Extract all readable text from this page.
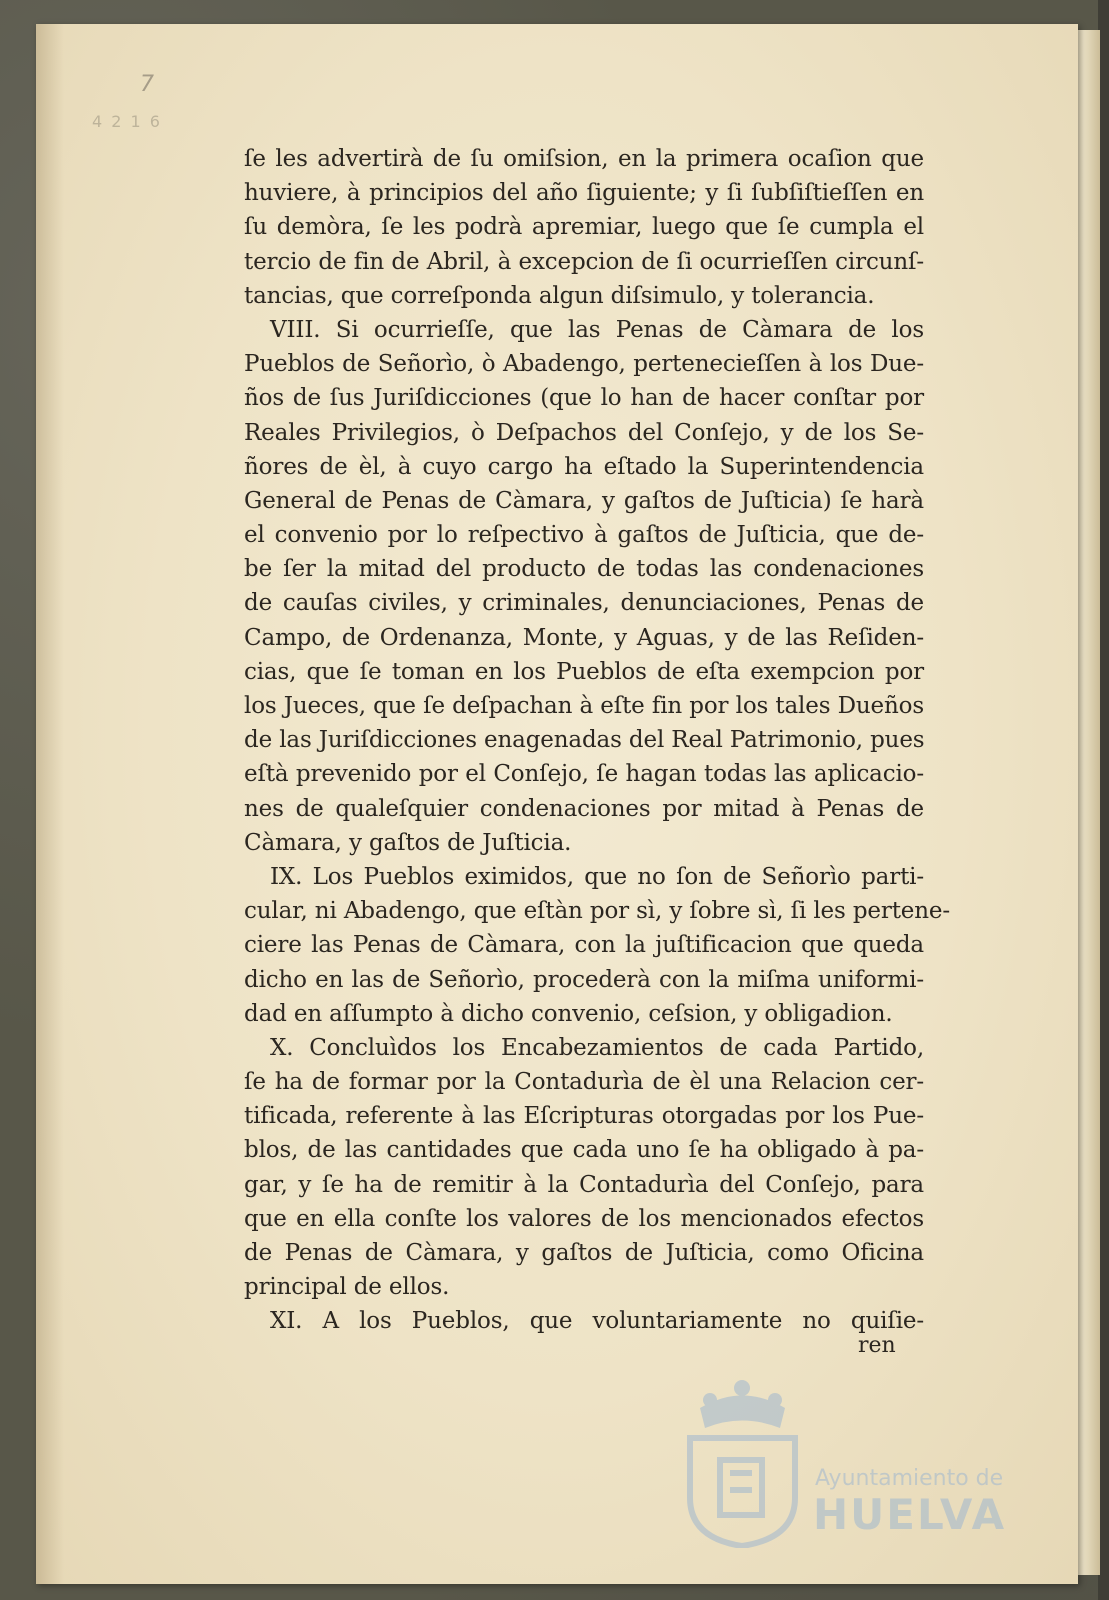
7
4 2 1 6
ſe les advertirà de ſu omiſsion, en la primera ocaſion que
huviere, à principios del año ſiguiente; y ſi ſubſiſtieſſen en
ſu demòra, ſe les podrà apremiar, luego que ſe cumpla el
tercio de fin de Abril, à excepcion de ſi ocurrieſſen circunſ-
tancias, que correſponda algun diſsimulo, y tolerancia.
VIII. Si ocurrieſſe, que las Penas de Càmara de los
Pueblos de Señorìo, ò Abadengo, pertenecieſſen à los Due-
ños de ſus Juriſdicciones (que lo han de hacer conſtar por
Reales Privilegios, ò Deſpachos del Conſejo, y de los Se-
ñores de èl, à cuyo cargo ha eſtado la Superintendencia
General de Penas de Càmara, y gaſtos de Juſticia) ſe harà
el convenio por lo reſpectivo à gaſtos de Juſticia, que de-
be ſer la mitad del producto de todas las condenaciones
de cauſas civiles, y criminales, denunciaciones, Penas de
Campo, de Ordenanza, Monte, y Aguas, y de las Reſiden-
cias, que ſe toman en los Pueblos de eſta exempcion por
los Jueces, que ſe deſpachan à eſte fin por los tales Dueños
de las Juriſdicciones enagenadas del Real Patrimonio, pues
eſtà prevenido por el Conſejo, ſe hagan todas las aplicacio-
nes de qualeſquier condenaciones por mitad à Penas de
Càmara, y gaſtos de Juſticia.
IX. Los Pueblos eximidos, que no ſon de Señorìo parti-
cular, ni Abadengo, que eſtàn por sì, y ſobre sì, ſi les pertene-
ciere las Penas de Càmara, con la juſtificacion que queda
dicho en las de Señorìo, procederà con la miſma uniformi-
dad en aſſumpto à dicho convenio, ceſsion, y obligadion.
X. Concluìdos los Encabezamientos de cada Partido,
ſe ha de formar por la Contadurìa de èl una Relacion cer-
tificada, referente à las Eſcripturas otorgadas por los Pue-
blos, de las cantidades que cada uno ſe ha obligado à pa-
gar, y ſe ha de remitir à la Contadurìa del Conſejo, para
que en ella conſte los valores de los mencionados efectos
de Penas de Càmara, y gaſtos de Juſticia, como Oficina
principal de ellos.
XI. A los Pueblos, que voluntariamente no quiſie-
ren
Ayuntamiento de
HUELVA
